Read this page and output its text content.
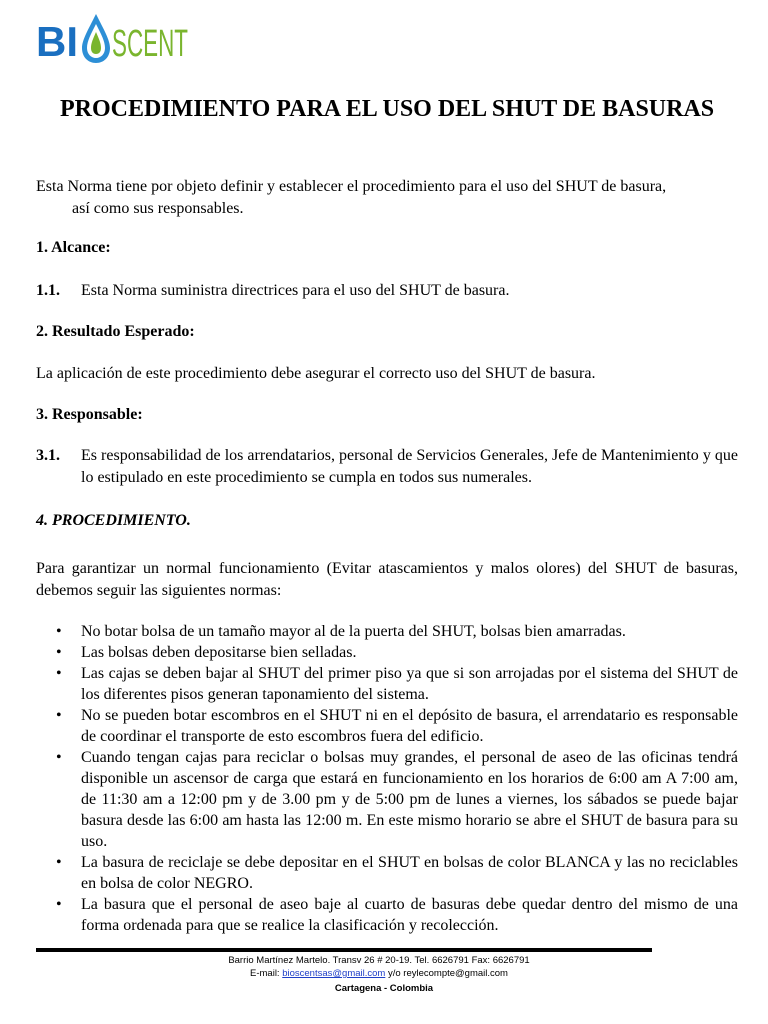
BI SCENT
PROCEDIMIENTO PARA EL USO DEL SHUT DE BASURAS

Esta Norma tiene por objeto definir y establecer el procedimiento para el uso del SHUT de basura,
así como sus responsables.

1. Alcance:

1.1.	Esta Norma suministra directrices para el uso del SHUT de basura.

2. Resultado Esperado:

La aplicación de este procedimiento debe asegurar el correcto uso del SHUT de basura.

3. Responsable:

3.1.	Es responsabilidad de los arrendatarios, personal de Servicios Generales, Jefe de Mantenimiento y que lo estipulado en este procedimiento se cumpla en todos sus numerales.

4. PROCEDIMIENTO.

Para garantizar un normal funcionamiento (Evitar atascamientos y malos olores) del SHUT de basuras, debemos seguir las siguientes normas:

• No botar bolsa de un tamaño mayor al de la puerta del SHUT, bolsas bien amarradas.
• Las bolsas deben depositarse bien selladas.
• Las cajas se deben bajar al SHUT del primer piso ya que si son arrojadas por el sistema del SHUT de los diferentes pisos generan taponamiento del sistema.
• No se pueden botar escombros en el SHUT ni en el depósito de basura, el arrendatario es responsable de coordinar el transporte de esto escombros fuera del edificio.
• Cuando tengan cajas para reciclar o bolsas muy grandes, el personal de aseo de las oficinas tendrá disponible un ascensor de carga que estará en funcionamiento en los horarios de 6:00 am A 7:00 am, de 11:30 am a 12:00 pm y de 3.00 pm y de 5:00 pm de lunes a viernes, los sábados se puede bajar basura desde las 6:00 am hasta las 12:00 m. En este mismo horario se abre el SHUT de basura para su uso.
• La basura de reciclaje se debe depositar en el SHUT en bolsas de color BLANCA y las no reciclables en bolsa de color NEGRO.
• La basura que el personal de aseo baje al cuarto de basuras debe quedar dentro del mismo de una forma ordenada para que se realice la clasificación y recolección.
Barrio Martínez Martelo. Transv 26 # 20-19. Tel. 6626791 Fax: 6626791
E-mail: bioscentsas@gmail.com y/o reylecompte@gmail.com
Cartagena - Colombia
